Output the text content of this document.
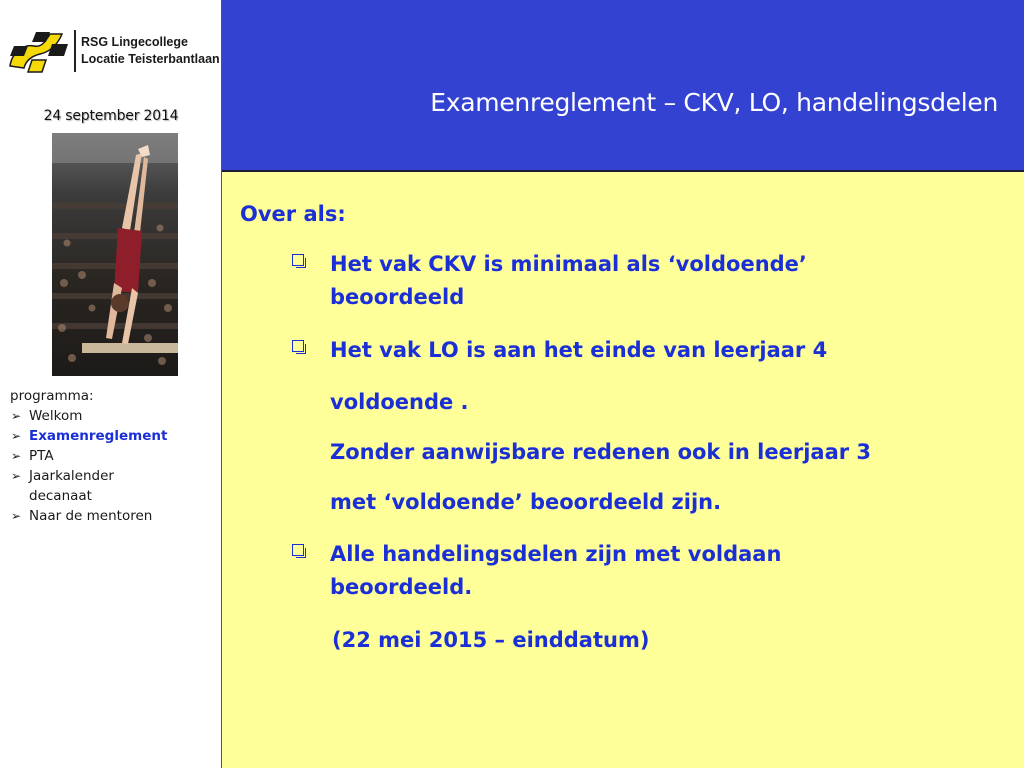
RSG Lingecollege
Locatie Teisterbantlaan
24 september 2014
programma:
➢ Welkom
➢ Examenreglement
➢ PTA
➢ Jaarkalender
decanaat
➢ Naar de mentoren
Examenreglement – CKV, LO, handelingsdelen
Over als:
Het vak CKV is minimaal als ‘voldoende’
beoordeeld
Het vak LO is aan het einde van leerjaar 4
voldoende .
Zonder aanwijsbare redenen ook in leerjaar 3
met ‘voldoende’ beoordeeld zijn.
Alle handelingsdelen zijn met voldaan
beoordeeld.
(22 mei 2015 – einddatum)
